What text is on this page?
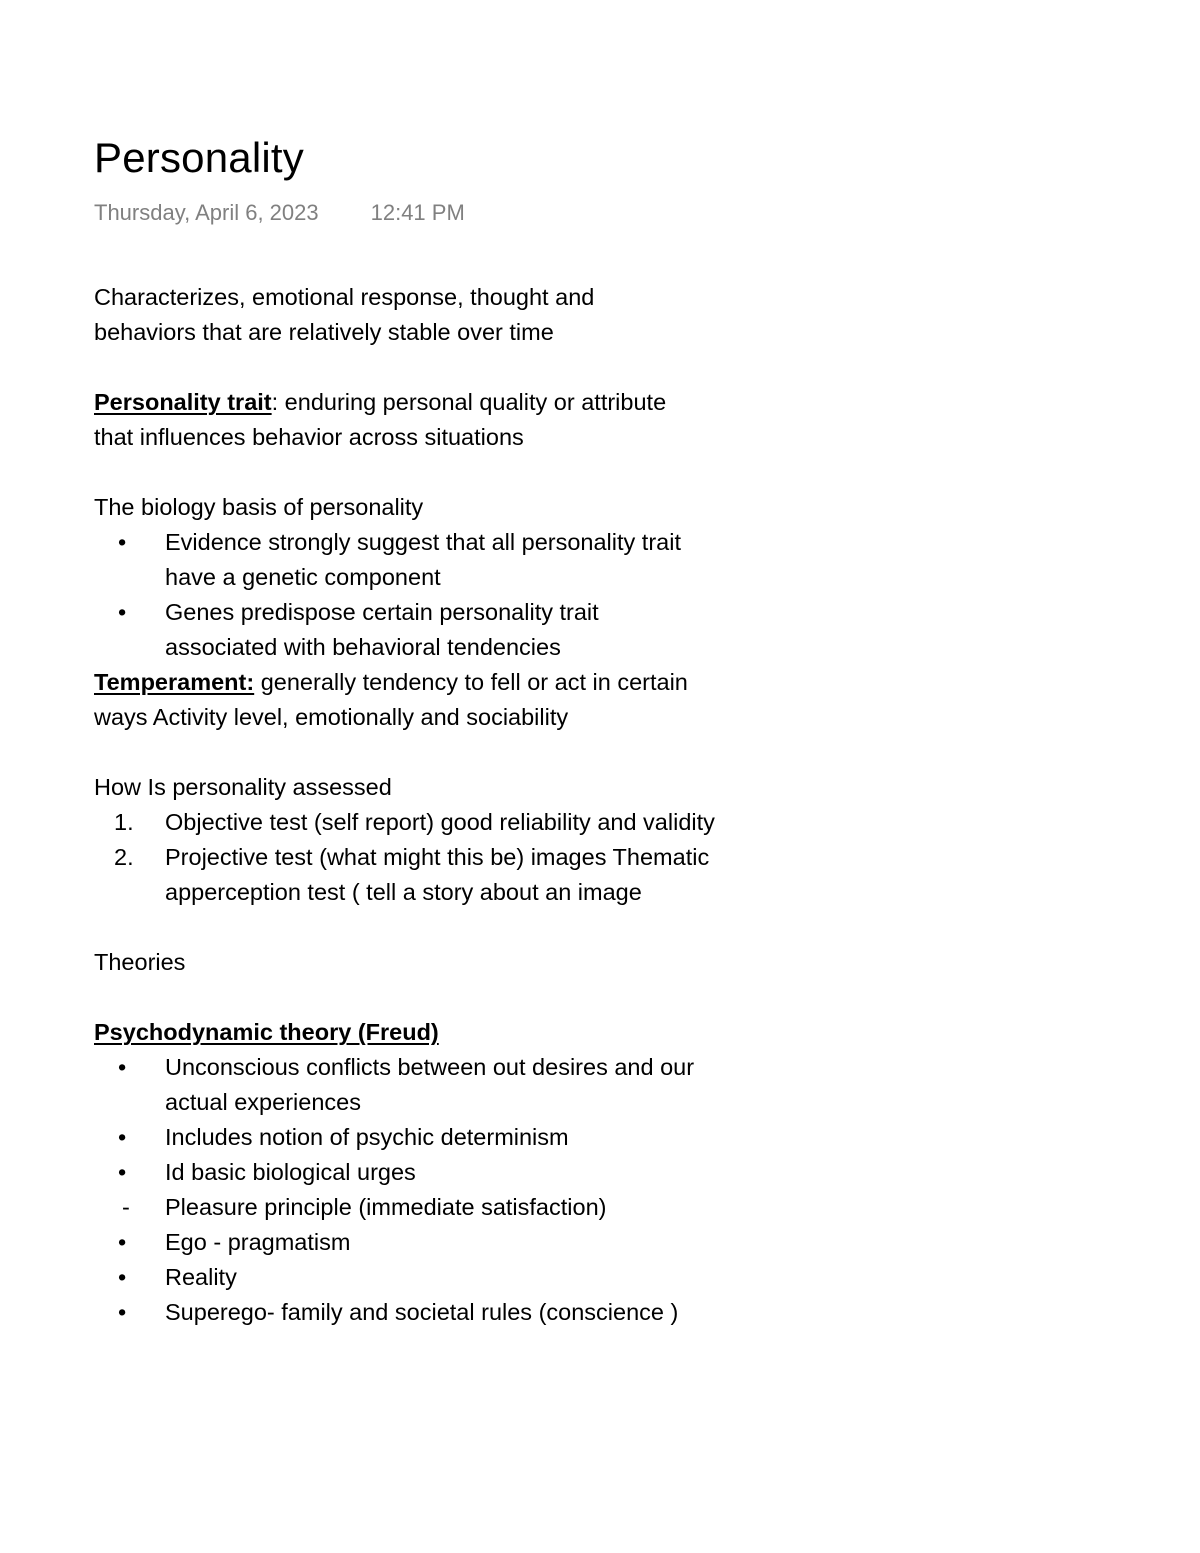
Personality
Thursday, April 6, 2023 12:41 PM

Characterizes, emotional response, thought and behaviors that are relatively stable over time

Personality trait: enduring personal quality or attribute that influences behavior across situations

The biology basis of personality

•	Evidence strongly suggest that all personality trait have a genetic component
•	Genes predispose certain personality trait associated with behavioral tendencies

Temperament: generally tendency to fell or act in certain ways Activity level, emotionally and sociability

How Is personality assessed

1.	Objective test (self report) good reliability and validity
2.	Projective test (what might this be) images Thematic apperception test ( tell a story about an image

Theories

Psychodynamic theory (Freud)

•	Unconscious conflicts between out desires and our actual experiences
•	Includes notion of psychic determinism
•	Id basic biological urges
-	Pleasure principle (immediate satisfaction)
•	Ego - pragmatism
•	Reality
•	Superego- family and societal rules (conscience )
